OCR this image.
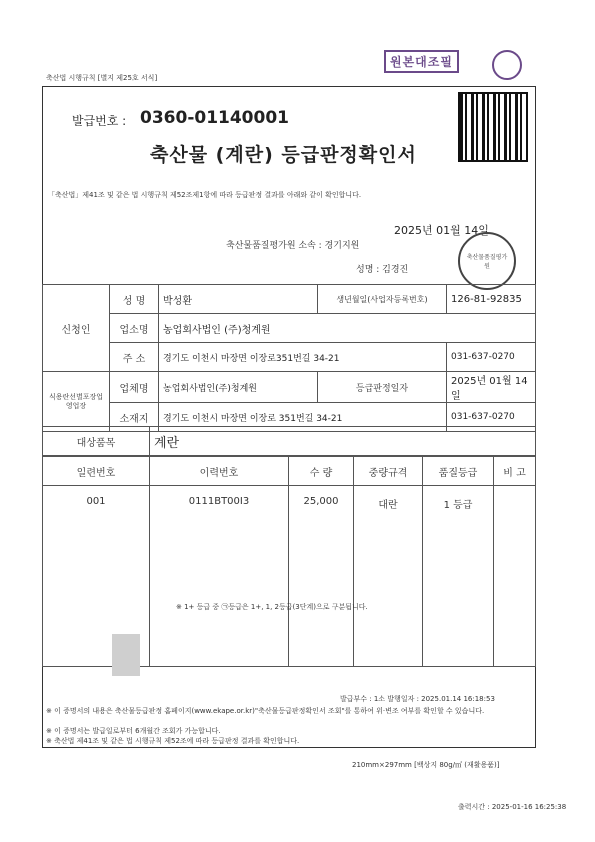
축산법 시행규칙 [별지 제25호 서식]
원본대조필
발급번호 : 0360-01140001
축산물 (계란) 등급판정확인서
「축산법」제41조 및 같은 법 시행규칙 제52조제1항에 따라 등급판정 결과를 아래와 같이 확인합니다.
2025년 01월 14일
축산물품질평가원 소속 : 경기지원
성명 : 김경진
축산물품질평가원
신청인	성 명	박성환	생년월일(사업자등록번호)	126-81-92835
	업소명	농업회사법인 (주)청계원		
	주 소	경기도 이천시 마장면 이장로351번길 34-21		031-637-0270
식용란선별포장업 영업장	업체명	농업회사법인(주)청계원	등급판정일자	2025년 01월 14일
	소재지	경기도 이천시 마장면 이장로 351번길 34-21		031-637-0270
대상품목	계란
일련번호	이력번호	수 량	중량규격	품질등급	비 고
001	0111BT00I3	25,000	대란	1 등급	
※ 1+ 등급 중 ㉠등급은 1+, 1, 2등급(3단계)으로 구분됩니다.
발급부수 : 1소 발행일자 : 2025.01.14 16:18:53
※ 이 증명서의 내용은 축산물등급판정 홈페이지(www.ekape.or.kr)"축산물등급판정확인서 조회"를 통하여 위·변조 여부를 확인할 수 있습니다.
※ 이 증명서는 발급일로부터 6개월간 조회가 가능합니다.
※ 축산법 제41조 및 같은 법 시행규칙 제52조에 따라 등급판정 결과를 확인합니다.
210mm×297mm [백상지 80g/㎡ (재활용품)]
출력시간 : 2025-01-16 16:25:38
